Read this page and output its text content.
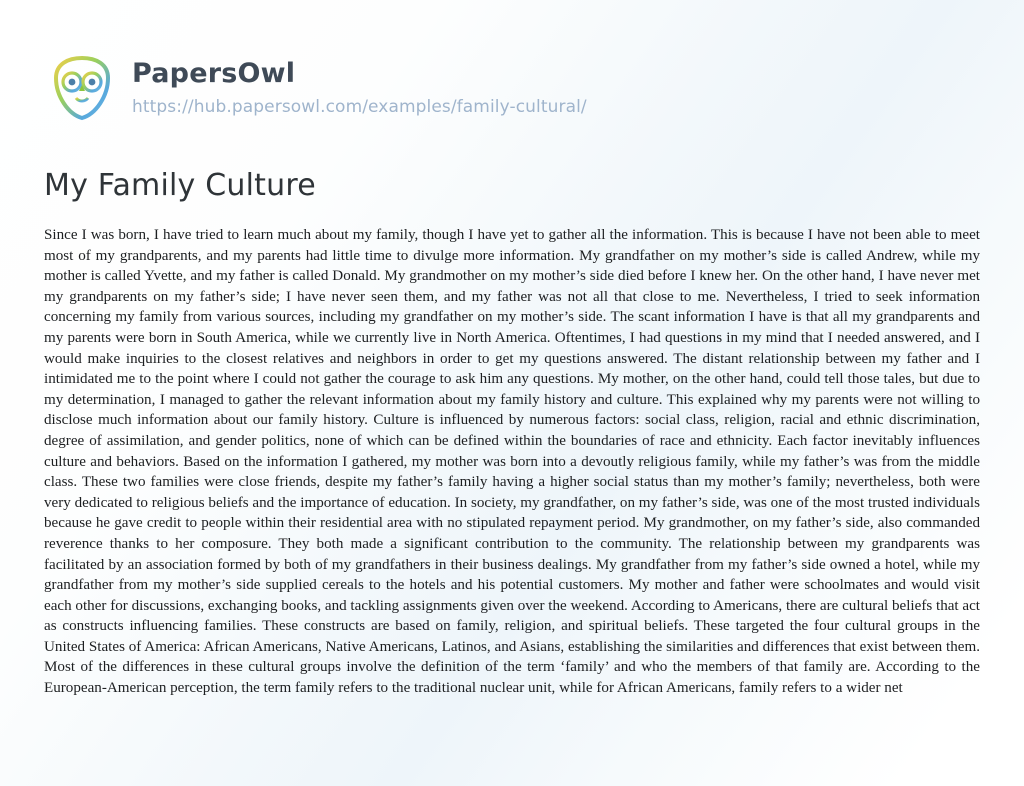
PapersOwl
https://hub.papersowl.com/examples/family-cultural/
My Family Culture
Since I was born, I have tried to learn much about my family, though I have yet to gather all the information. This is because I have not been able to meet most of my grandparents, and my parents had little time to divulge more information. My grandfather on my mother’s side is called Andrew, while my mother is called Yvette, and my father is called Donald. My grandmother on my mother’s side died before I knew her. On the other hand, I have never met my grandparents on my father’s side; I have never seen them, and my father was not all that close to me. Nevertheless, I tried to seek information concerning my family from various sources, including my grandfather on my mother’s side. The scant information I have is that all my grandparents and my parents were born in South America, while we currently live in North America. Oftentimes, I had questions in my mind that I needed answered, and I would make inquiries to the closest relatives and neighbors in order to get my questions answered. The distant relationship between my father and I intimidated me to the point where I could not gather the courage to ask him any questions. My mother, on the other hand, could tell those tales, but due to my determination, I managed to gather the relevant information about my family history and culture. This explained why my parents were not willing to disclose much information about our family history. Culture is influenced by numerous factors: social class, religion, racial and ethnic discrimination, degree of assimilation, and gender politics, none of which can be defined within the boundaries of race and ethnicity. Each factor inevitably influences culture and behaviors. Based on the information I gathered, my mother was born into a devoutly religious family, while my father’s was from the middle class. These two families were close friends, despite my father’s family having a higher social status than my mother’s family; nevertheless, both were very dedicated to religious beliefs and the importance of education. In society, my grandfather, on my father’s side, was one of the most trusted individuals because he gave credit to people within their residential area with no stipulated repayment period. My grandmother, on my father’s side, also commanded reverence thanks to her composure. They both made a significant contribution to the community. The relationship between my grandparents was facilitated by an association formed by both of my grandfathers in their business dealings. My grandfather from my father’s side owned a hotel, while my grandfather from my mother’s side supplied cereals to the hotels and his potential customers. My mother and father were schoolmates and would visit each other for discussions, exchanging books, and tackling assignments given over the weekend. According to Americans, there are cultural beliefs that act as constructs influencing families. These constructs are based on family, religion, and spiritual beliefs. These targeted the four cultural groups in the United States of America: African Americans, Native Americans, Latinos, and Asians, establishing the similarities and differences that exist between them. Most of the differences in these cultural groups involve the definition of the term ‘family’ and who the members of that family are. According to the European-American perception, the term family refers to the traditional nuclear unit, while for African Americans, family refers to a wider net
